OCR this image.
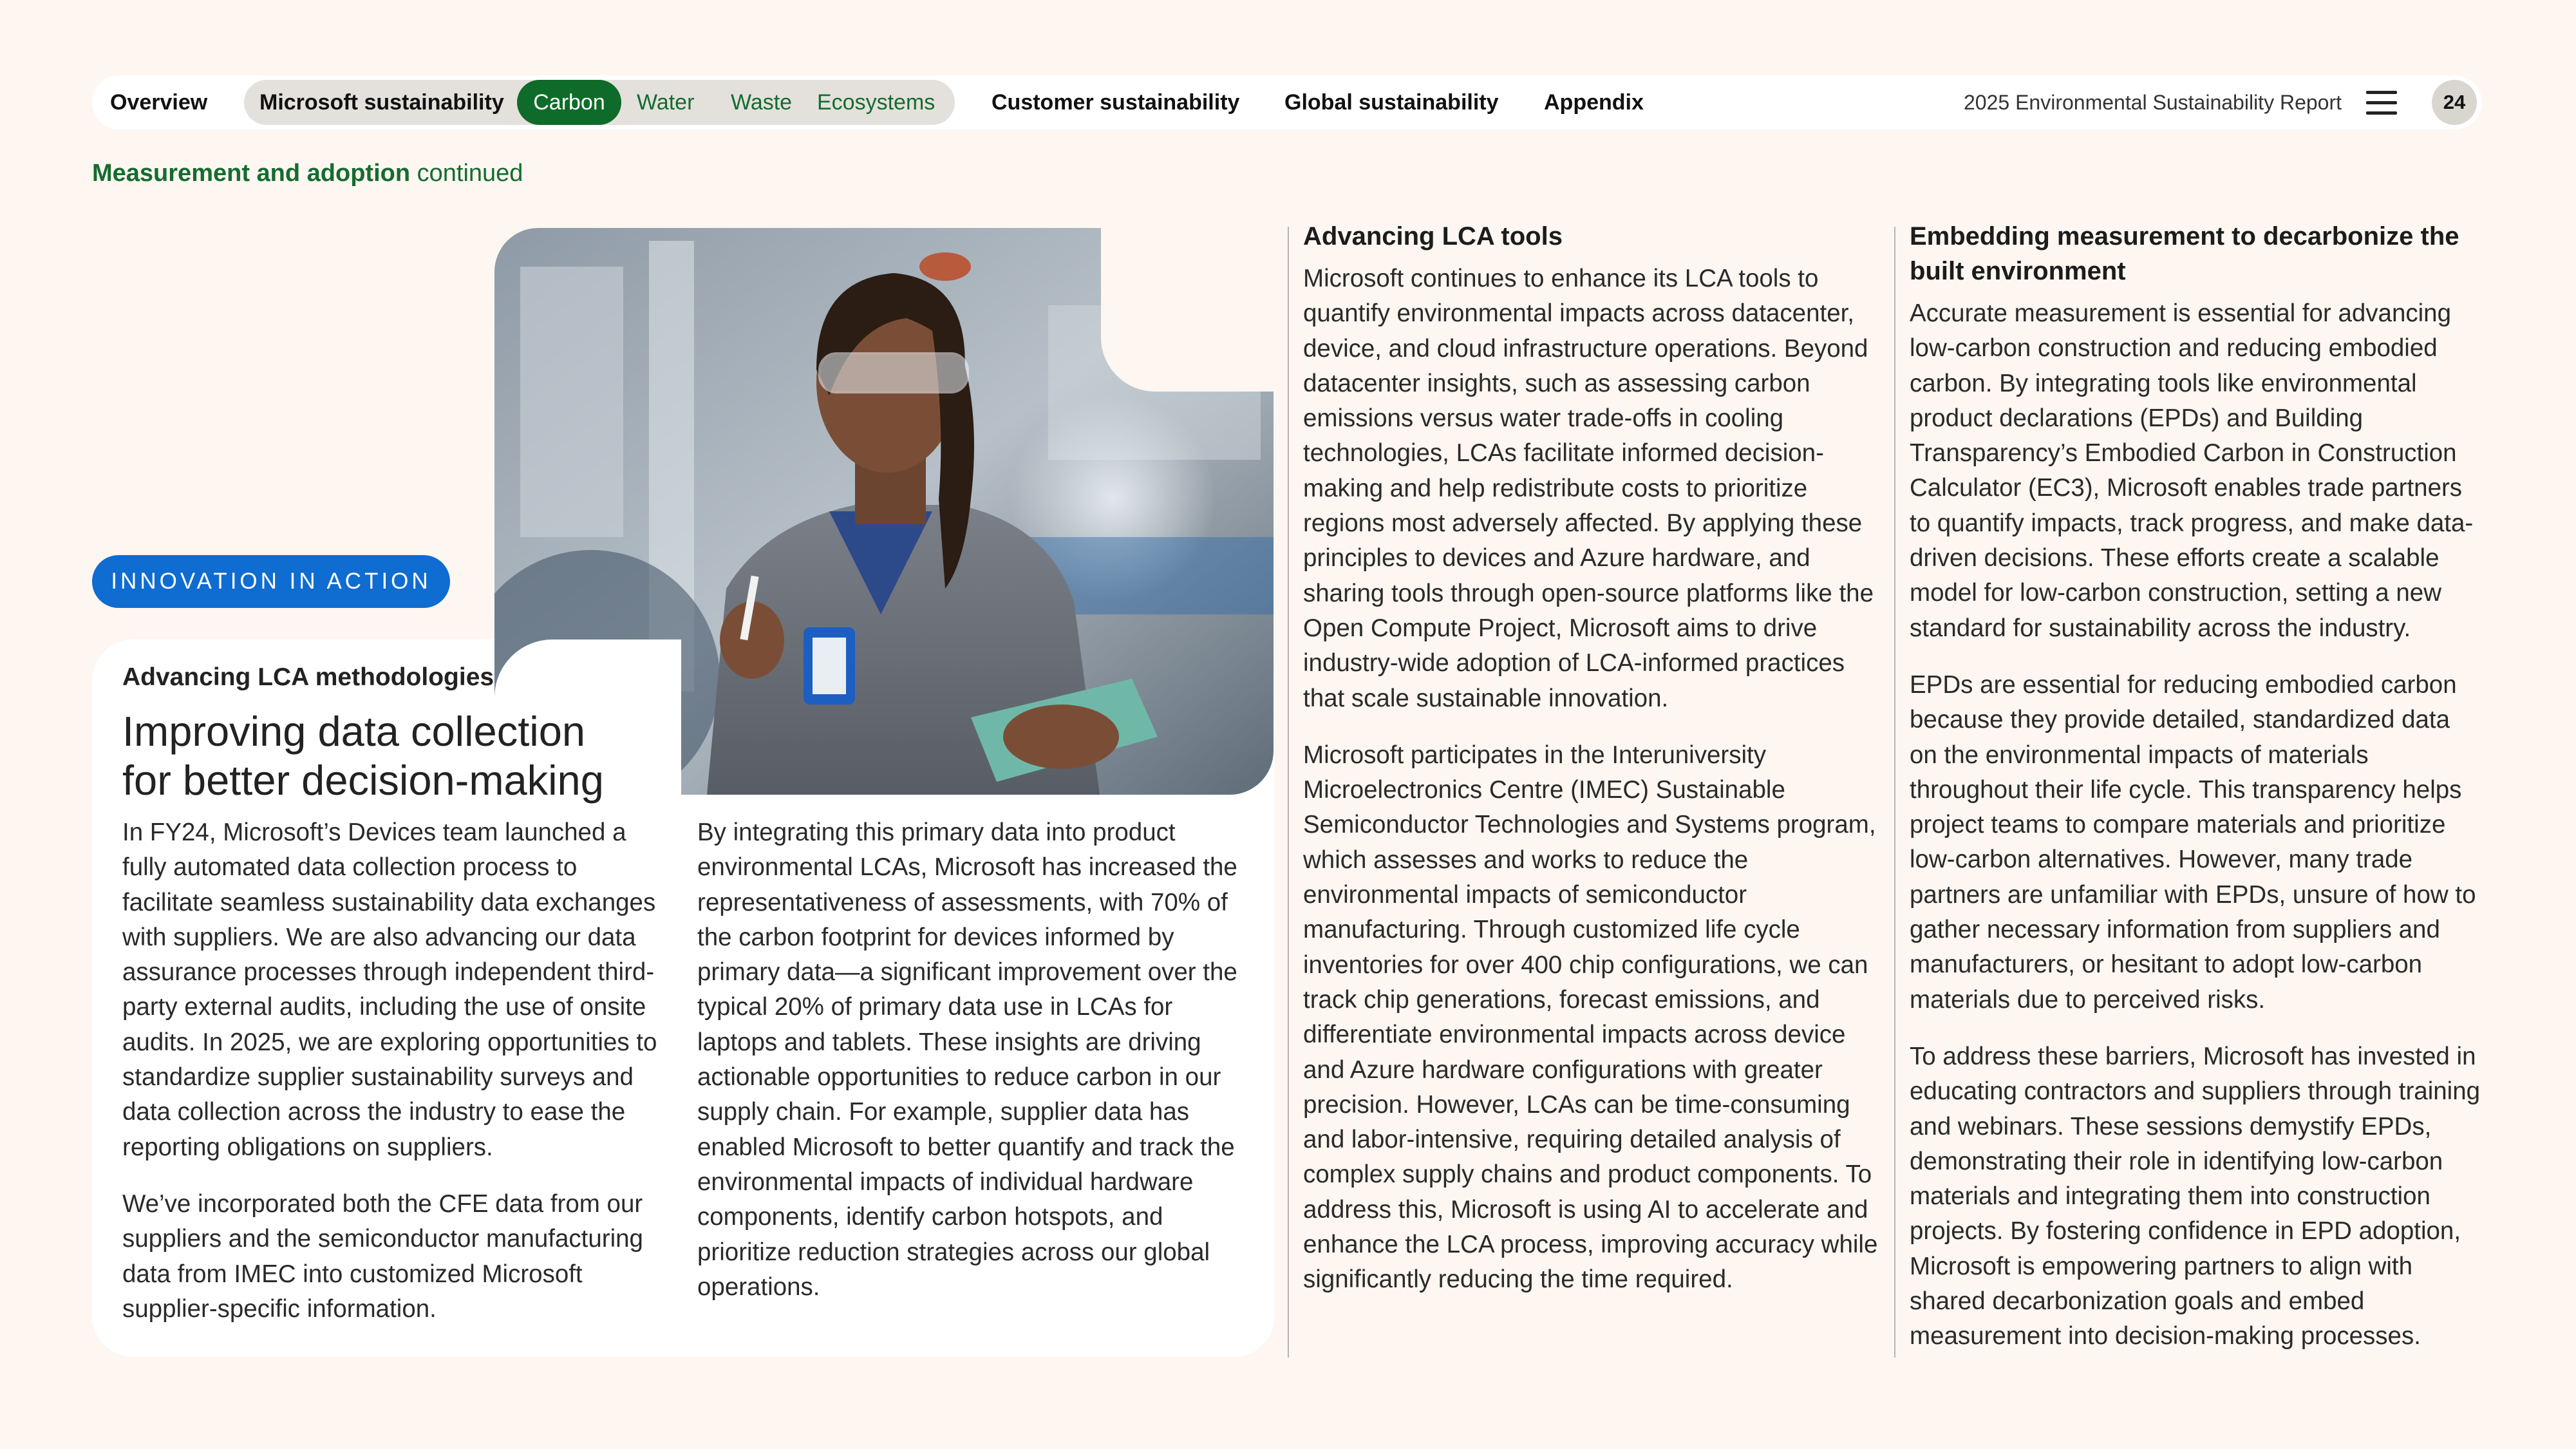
Overview Microsoft sustainability	Carbon	Water Waste Ecosystems	Customer sustainability Global sustainability Appendix	2025 Environmental Sustainability Report	24
Measurement and adoption continued
INNOVATION IN ACTION
Advancing LCA methodologies
Improving data collection for better decision-making

In FY24, Microsoft’s Devices team launched a fully automated data collection process to facilitate seamless sustainability data exchanges with suppliers. We are also advancing our data assurance processes through independent third-party external audits, including the use of onsite audits. In 2025, we are exploring opportunities to standardize supplier sustainability surveys and data collection across the industry to ease the reporting obligations on suppliers.

We’ve incorporated both the CFE data from our suppliers and the semiconductor manufacturing data from IMEC into customized Microsoft supplier-specific information.

By integrating this primary data into product environmental LCAs, Microsoft has increased the representativeness of assessments, with 70% of the carbon footprint for devices informed by primary data—a significant improvement over the typical 20% of primary data use in LCAs for laptops and tablets. These insights are driving actionable opportunities to reduce carbon in our supply chain. For example, supplier data has enabled Microsoft to better quantify and track the environmental impacts of individual hardware components, identify carbon hotspots, and prioritize reduction strategies across our global operations.

Advancing LCA tools

Microsoft continues to enhance its LCA tools to quantify environmental impacts across datacenter, device, and cloud infrastructure operations. Beyond datacenter insights, such as assessing carbon emissions versus water trade-offs in cooling technologies, LCAs facilitate informed decision-making and help redistribute costs to prioritize regions most adversely affected. By applying these principles to devices and Azure hardware, and sharing tools through open-source platforms like the Open Compute Project, Microsoft aims to drive industry-wide adoption of LCA-informed practices that scale sustainable innovation.

Microsoft participates in the Interuniversity Microelectronics Centre (IMEC) Sustainable Semiconductor Technologies and Systems program, which assesses and works to reduce the environmental impacts of semiconductor manufacturing. Through customized life cycle inventories for over 400 chip configurations, we can track chip generations, forecast emissions, and differentiate environmental impacts across device and Azure hardware configurations with greater precision. However, LCAs can be time-consuming and labor-intensive, requiring detailed analysis of complex supply chains and product components. To address this, Microsoft is using AI to accelerate and enhance the LCA process, improving accuracy while significantly reducing the time required.

Embedding measurement to decarbonize the built environment

Accurate measurement is essential for advancing low-carbon construction and reducing embodied carbon. By integrating tools like environmental product declarations (EPDs) and Building Transparency’s Embodied Carbon in Construction Calculator (EC3), Microsoft enables trade partners to quantify impacts, track progress, and make data-driven decisions. These efforts create a scalable model for low-carbon construction, setting a new standard for sustainability across the industry.

EPDs are essential for reducing embodied carbon because they provide detailed, standardized data on the environmental impacts of materials throughout their life cycle. This transparency helps project teams to compare materials and prioritize low-carbon alternatives. However, many trade partners are unfamiliar with EPDs, unsure of how to gather necessary information from suppliers and manufacturers, or hesitant to adopt low-carbon materials due to perceived risks.

To address these barriers, Microsoft has invested in educating contractors and suppliers through training and webinars. These sessions demystify EPDs, demonstrating their role in identifying low-carbon materials and integrating them into construction projects. By fostering confidence in EPD adoption, Microsoft is empowering partners to align with shared decarbonization goals and embed measurement into decision-making processes.
